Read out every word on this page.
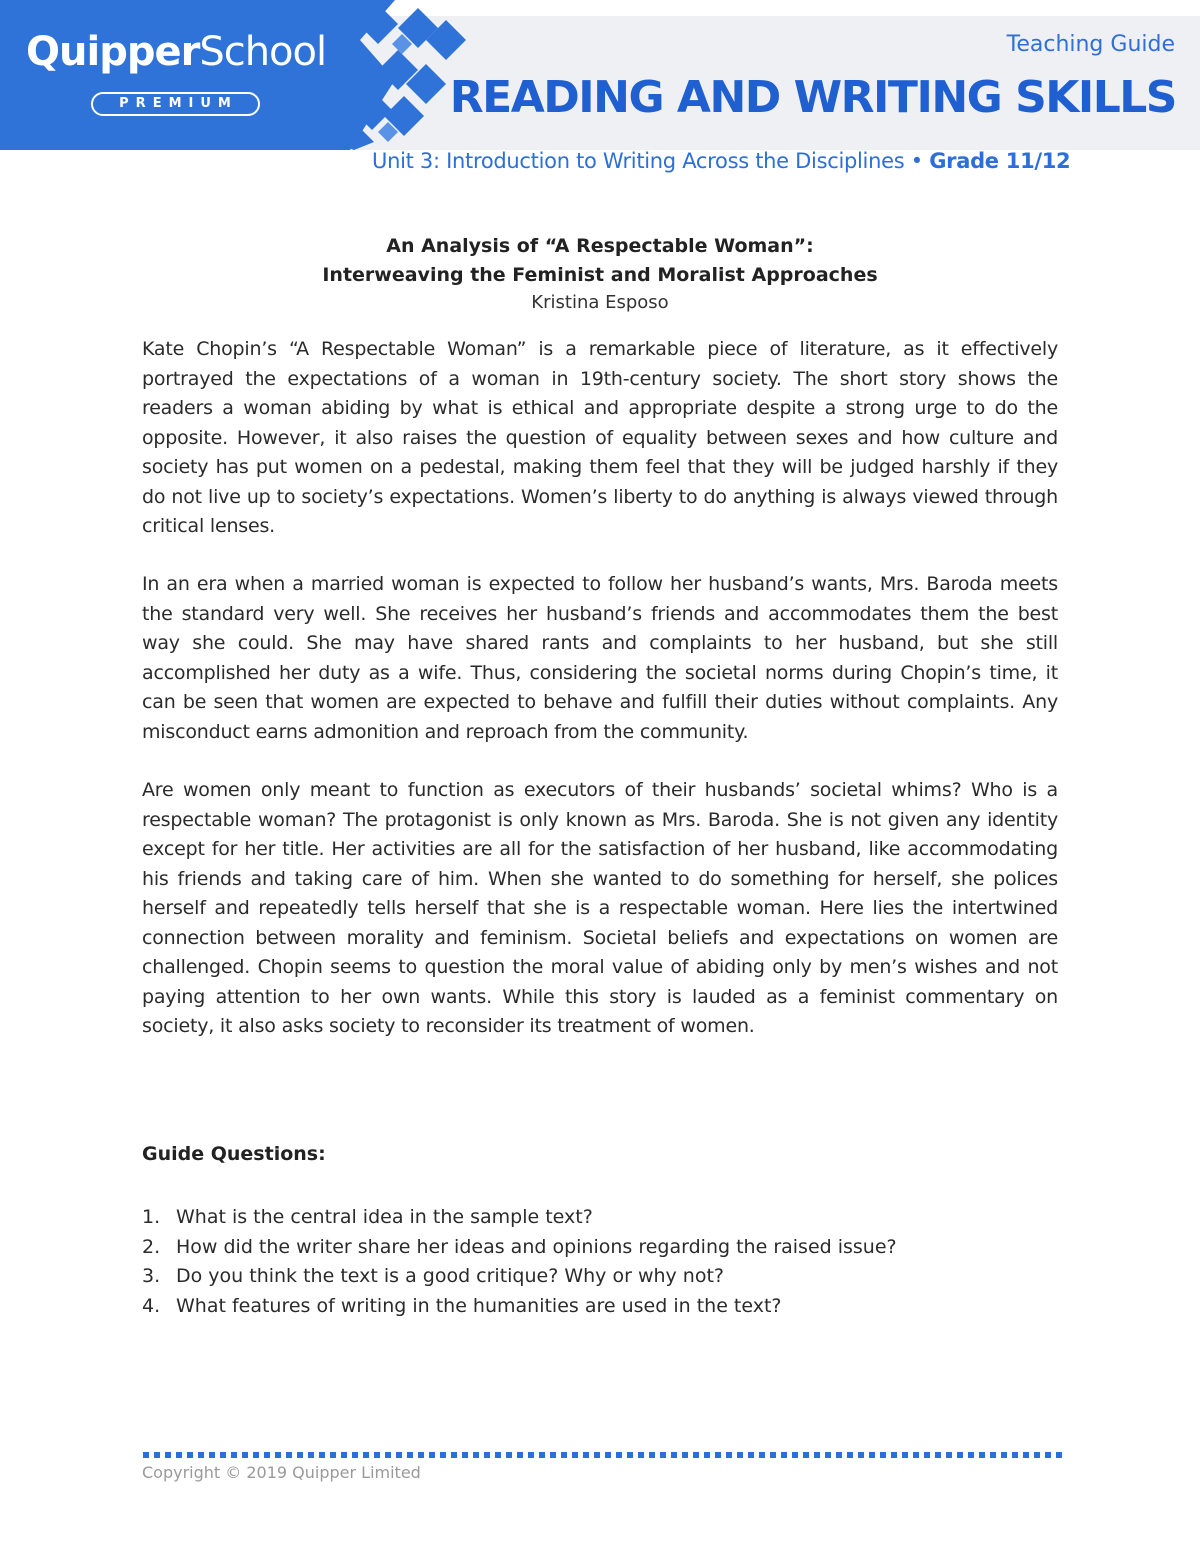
QuipperSchool
PREMIUM
Teaching Guide
READING AND WRITING SKILLS
Unit 3: Introduction to Writing Across the Disciplines • Grade 11/12
An Analysis of “A Respectable Woman”:
Interweaving the Feminist and Moralist Approaches
Kristina Esposo

Kate Chopin’s “A Respectable Woman” is a remarkable piece of literature, as it effectively portrayed the expectations of a woman in 19th-century society. The short story shows the readers a woman abiding by what is ethical and appropriate despite a strong urge to do the opposite. However, it also raises the question of equality between sexes and how culture and society has put women on a pedestal, making them feel that they will be judged harshly if they do not live up to society’s expectations. Women’s liberty to do anything is always viewed through critical lenses.

In an era when a married woman is expected to follow her husband’s wants, Mrs. Baroda meets the standard very well. She receives her husband’s friends and accommodates them the best way she could. She may have shared rants and complaints to her husband, but she still accomplished her duty as a wife. Thus, considering the societal norms during Chopin’s time, it can be seen that women are expected to behave and fulfill their duties without complaints. Any misconduct earns admonition and reproach from the community.

Are women only meant to function as executors of their husbands’ societal whims? Who is a respectable woman? The protagonist is only known as Mrs. Baroda. She is not given any identity except for her title. Her activities are all for the satisfaction of her husband, like accommodating his friends and taking care of him. When she wanted to do something for herself, she polices herself and repeatedly tells herself that she is a respectable woman. Here lies the intertwined connection between morality and feminism. Societal beliefs and expectations on women are challenged. Chopin seems to question the moral value of abiding only by men’s wishes and not paying attention to her own wants. While this story is lauded as a feminist commentary on society, it also asks society to reconsider its treatment of women.

Guide Questions:
1. What is the central idea in the sample text?
2. How did the writer share her ideas and opinions regarding the raised issue?
3. Do you think the text is a good critique? Why or why not?
4. What features of writing in the humanities are used in the text?
Copyright © 2019 Quipper Limited
